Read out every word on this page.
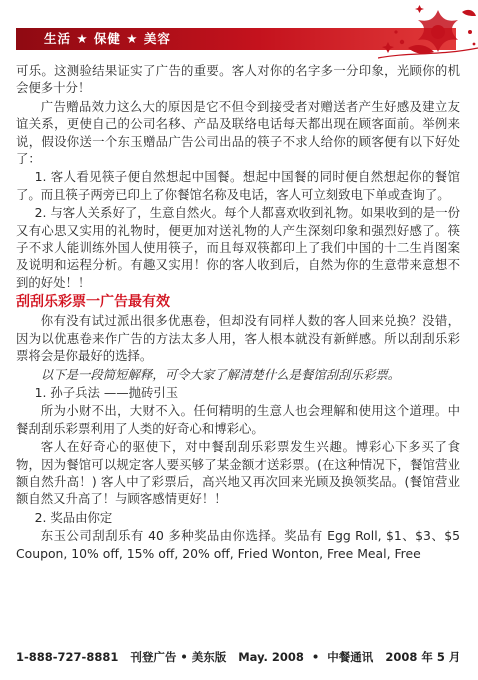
生活 ★ 保健 ★ 美容

可乐。这测验结果证实了广告的重要。客人对你的名字多一分印象，光顾你的机会便多十分！

广告赠品效力这么大的原因是它不但令到接受者对赠送者产生好感及建立友谊关系，更使自己的公司名移、产品及联络电话每天都出现在顾客面前。举例来说，假设你送一个东玉赠品广告公司出品的筷子不求人给你的顾客便有以下好处了：

1. 客人看见筷子便自然想起中国餐。想起中国餐的同时便自然想起你的餐馆了。而且筷子两旁已印上了你餐馆名称及电话，客人可立刻致电下单或查询了。

2. 与客人关系好了，生意自然火。每个人都喜欢收到礼物。如果收到的是一份又有心思又实用的礼物时，便更加对送礼物的人产生深刻印象和强烈好感了。筷子不求人能训练外国人使用筷子，而且每双筷都印上了我们中国的十二生肖图案及说明和运程分析。有趣又实用！你的客人收到后，自然为你的生意带来意想不到的好处！！

刮刮乐彩票一广告最有效

你有没有试过派出很多优惠卷，但却没有同样人数的客人回来兑换？没错，因为以优惠卷来作广告的方法太多人用，客人根本就没有新鲜感。所以刮刮乐彩票将会是你最好的选择。

以下是一段简短解释，可令大家了解清楚什么是餐馆刮刮乐彩票。

1. 孙子兵法 ——抛砖引玉

所为小财不出，大财不入。任何精明的生意人也会理解和使用这个道理。中餐刮刮乐彩票利用了人类的好奇心和博彩心。

客人在好奇心的驱使下，对中餐刮刮乐彩票发生兴趣。博彩心下多买了食物，因为餐馆可以规定客人要买够了某金额才送彩票。(在这种情况下，餐馆营业额自然升高！) 客人中了彩票后，高兴地又再次回来光顾及换领奖品。(餐馆营业额自然又升高了！与顾客感情更好！！

2. 奖品由你定

东玉公司刮刮乐有 40 多种奖品由你选择。奖品有 Egg Roll, $1、$3、$5 Coupon, 10% off, 15% off, 20% off, Fried Wonton, Free Meal, Free

1-888-727-8881 刊登广告 • 美东版 May. 2008 • 中餐通讯 2008 年 5 月
